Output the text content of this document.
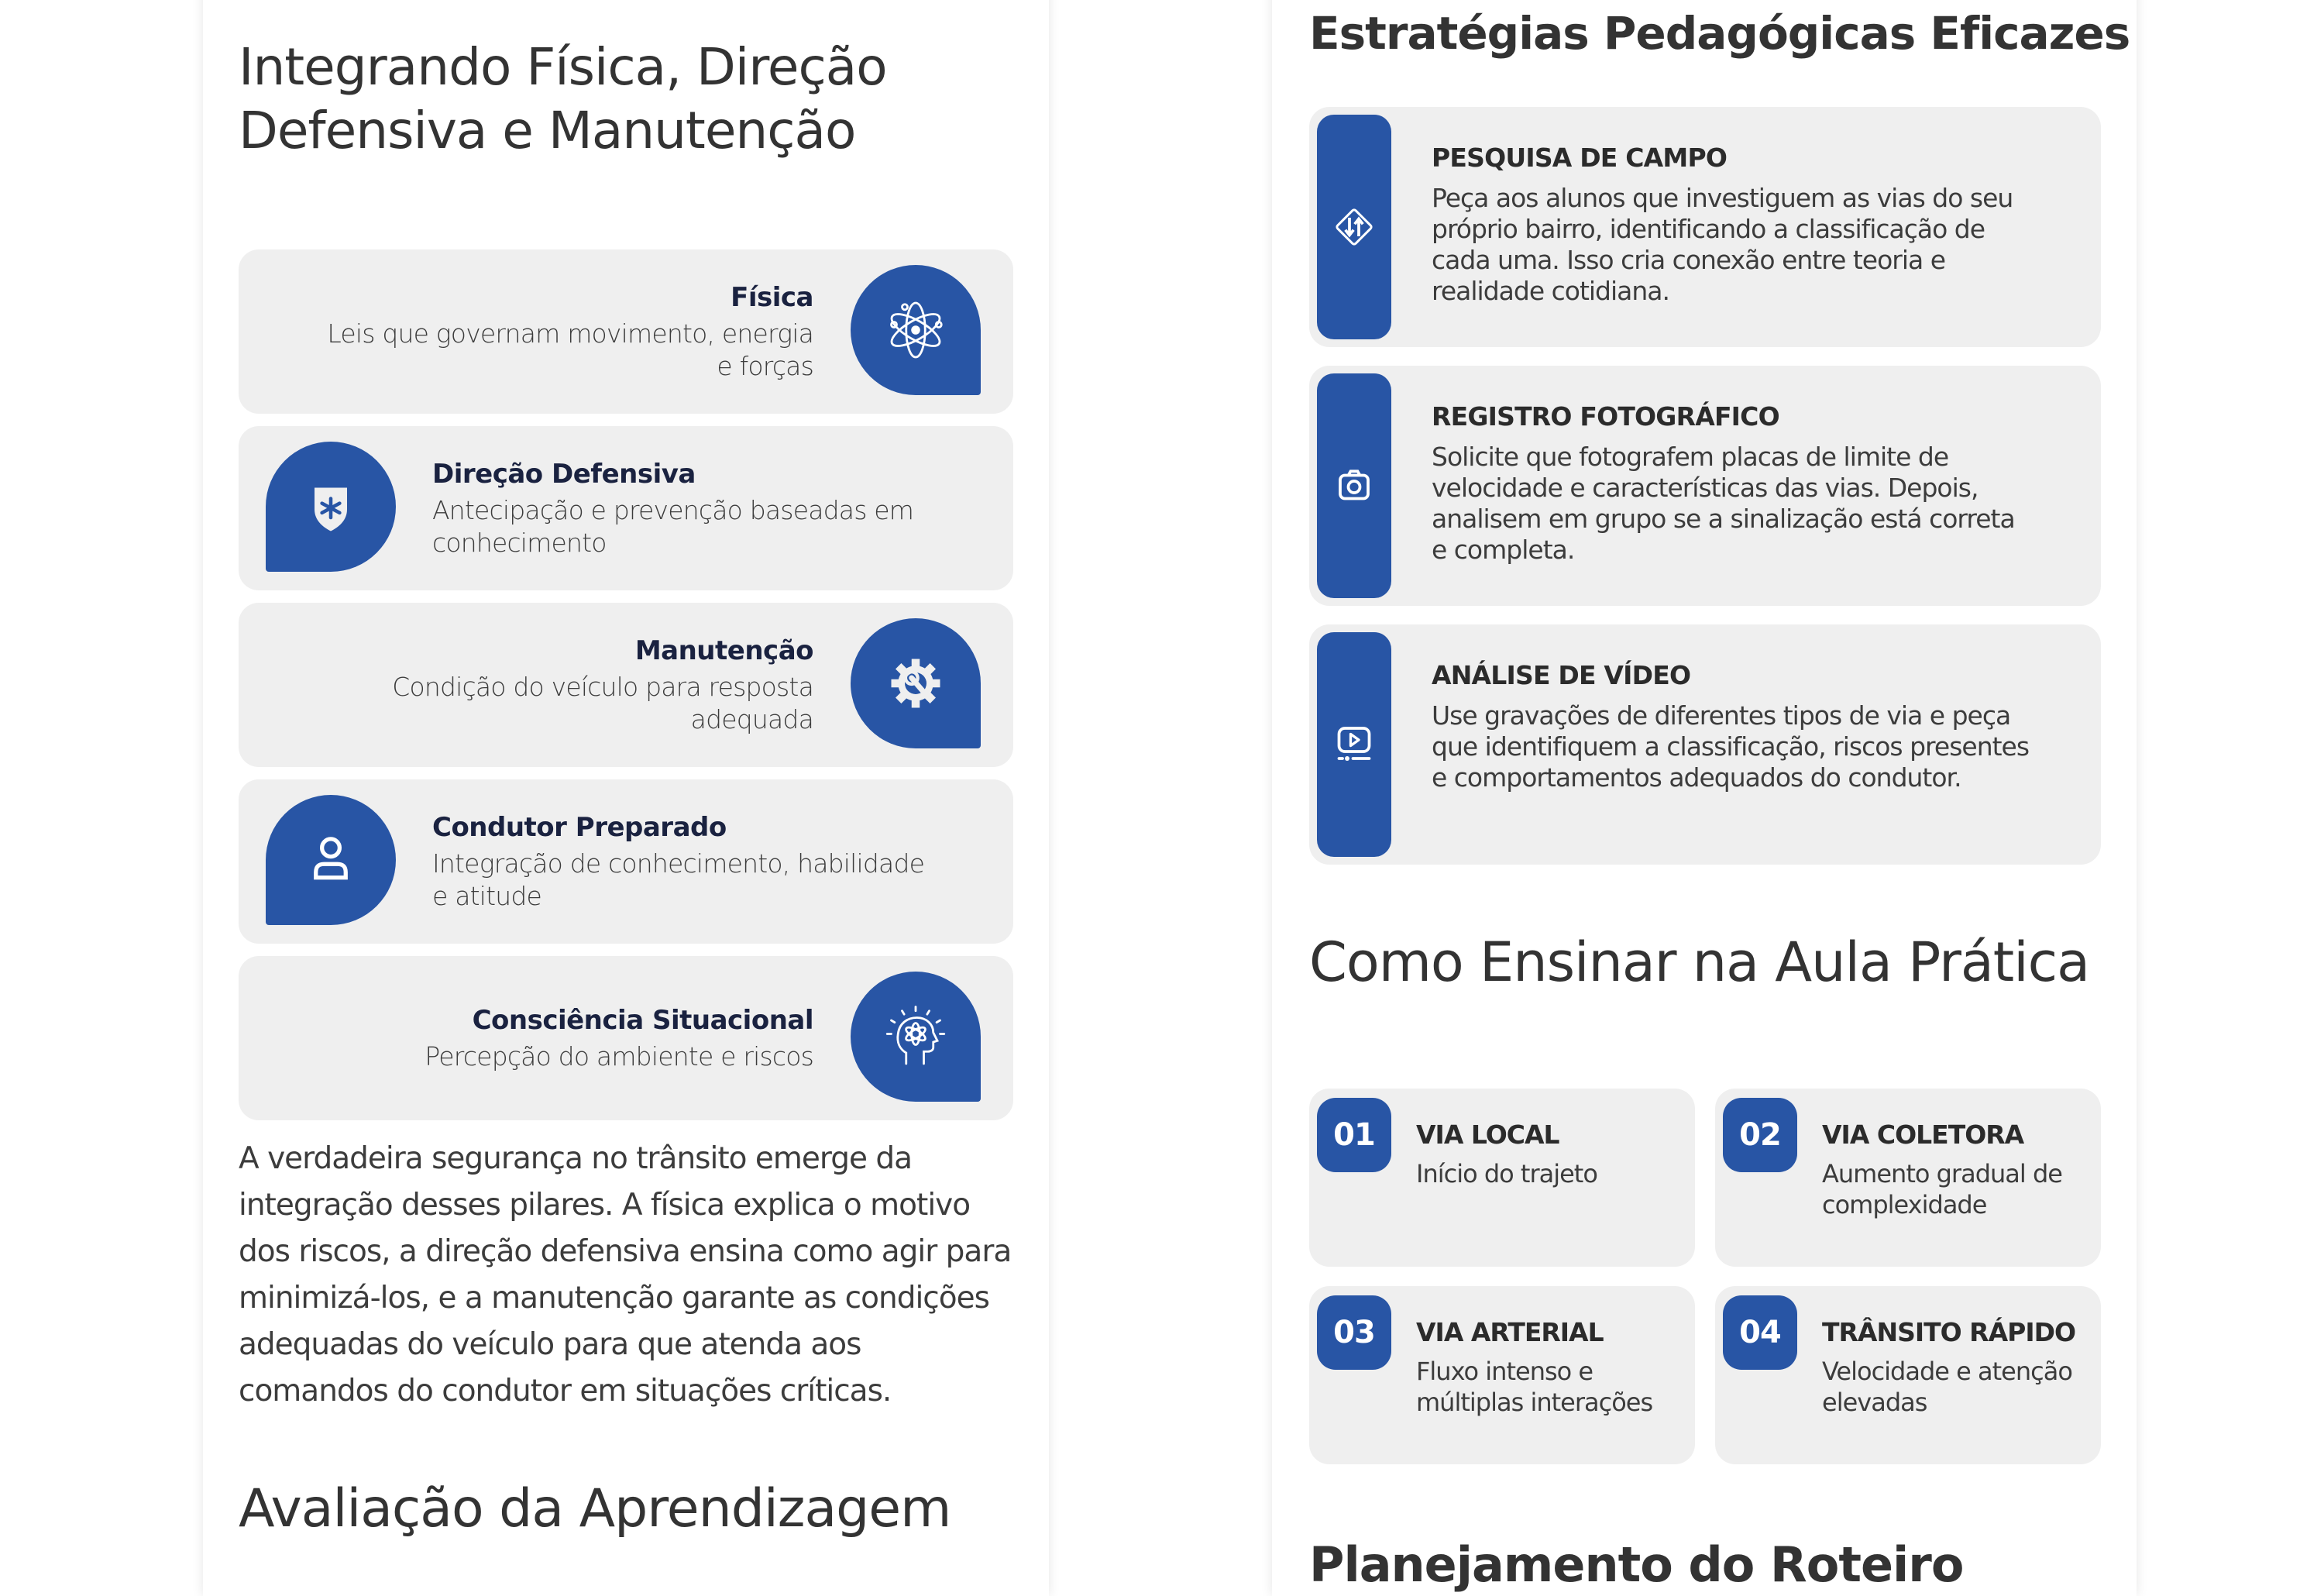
Integrando Física, Direção Defensiva e Manutenção
Física
Leis que governam movimento, energia e forças
Direção Defensiva
Antecipação e prevenção baseadas em conhecimento
Manutenção
Condição do veículo para resposta adequada
Condutor Preparado
Integração de conhecimento, habilidade e atitude
Consciência Situacional
Percepção do ambiente e riscos

A verdadeira segurança no trânsito emerge da integração desses pilares. A física explica o motivo dos riscos, a direção defensiva ensina como agir para minimizá-los, e a manutenção garante as condições adequadas do veículo para que atenda aos comandos do condutor em situações críticas.

Avaliação da Aprendizagem
Estratégias Pedagógicas Eficazes
PESQUISA DE CAMPO
Peça aos alunos que investiguem as vias do seu próprio bairro, identificando a classificação de cada uma. Isso cria conexão entre teoria e realidade cotidiana.
REGISTRO FOTOGRÁFICO
Solicite que fotografem placas de limite de velocidade e características das vias. Depois, analisem em grupo se a sinalização está correta e completa.
ANÁLISE DE VÍDEO
Use gravações de diferentes tipos de via e peça que identifiquem a classificação, riscos presentes e comportamentos adequados do condutor.
Como Ensinar na Aula Prática
01	VIA LOCAL
Início do trajeto
02	VIA COLETORA
Aumento gradual de complexidade
03	VIA ARTERIAL
Fluxo intenso e múltiplas interações
04	TRÂNSITO RÁPIDO
Velocidade e atenção elevadas
Planejamento do Roteiro
